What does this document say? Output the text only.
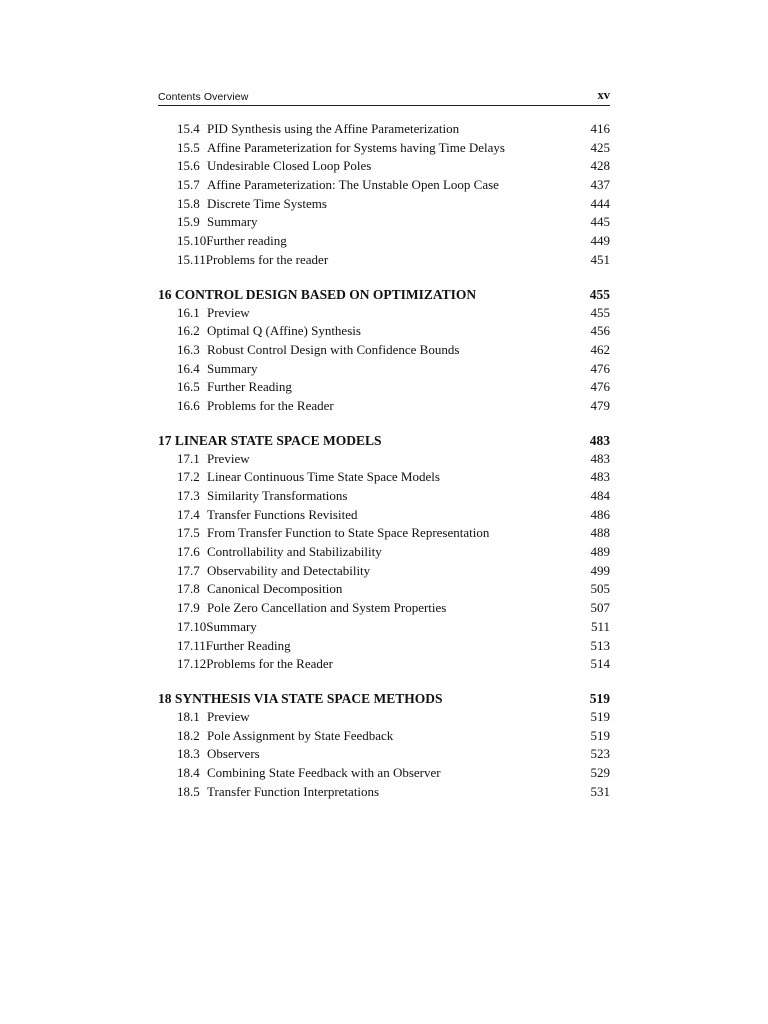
Contents Overview	xv
15.4 PID Synthesis using the Affine Parameterization	416
15.5 Affine Parameterization for Systems having Time Delays	425
15.6 Undesirable Closed Loop Poles	428
15.7 Affine Parameterization: The Unstable Open Loop Case	437
15.8 Discrete Time Systems	444
15.9 Summary	445
15.10Further reading	449
15.11Problems for the reader	451
16 CONTROL DESIGN BASED ON OPTIMIZATION	455
16.1 Preview	455
16.2 Optimal Q (Affine) Synthesis	456
16.3 Robust Control Design with Confidence Bounds	462
16.4 Summary	476
16.5 Further Reading	476
16.6 Problems for the Reader	479
17 LINEAR STATE SPACE MODELS	483
17.1 Preview	483
17.2 Linear Continuous Time State Space Models	483
17.3 Similarity Transformations	484
17.4 Transfer Functions Revisited	486
17.5 From Transfer Function to State Space Representation	488
17.6 Controllability and Stabilizability	489
17.7 Observability and Detectability	499
17.8 Canonical Decomposition	505
17.9 Pole Zero Cancellation and System Properties	507
17.10Summary	511
17.11Further Reading	513
17.12Problems for the Reader	514
18 SYNTHESIS VIA STATE SPACE METHODS	519
18.1 Preview	519
18.2 Pole Assignment by State Feedback	519
18.3 Observers	523
18.4 Combining State Feedback with an Observer	529
18.5 Transfer Function Interpretations	531
